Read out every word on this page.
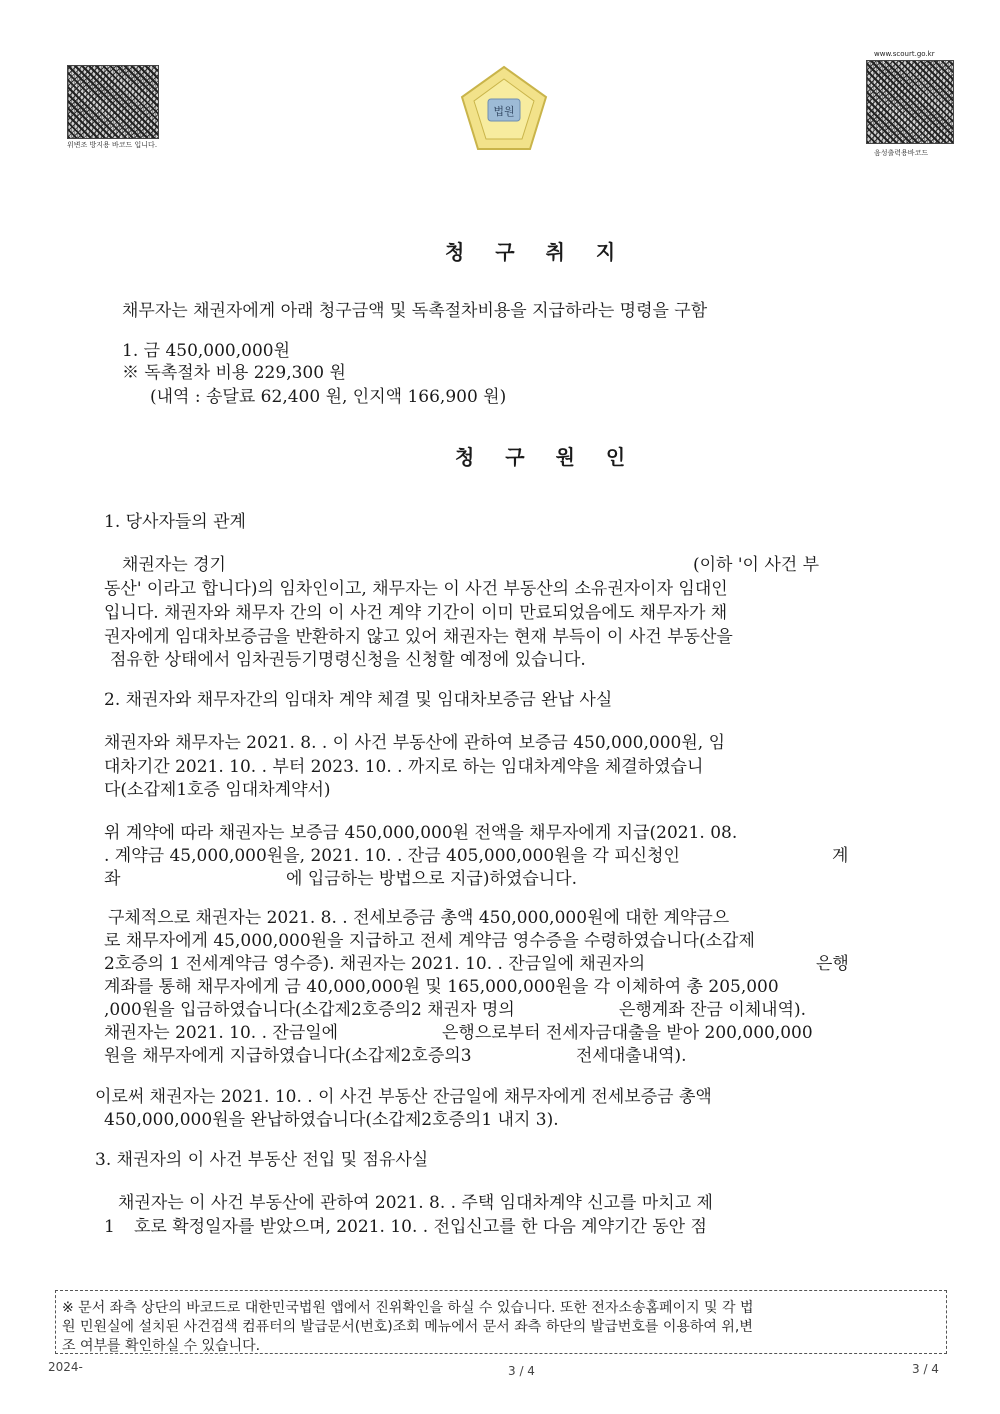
위변조 방지용 바코드 입니다.
법원
www.scourt.go.kr
음성출력용바코드
청 구 취 지
채무자는 채권자에게 아래 청구금액 및 독촉절차비용을 지급하라는 명령을 구함
1. 금 450,000,000원
※ 독촉절차 비용 229,300 원
(내역 : 송달료 62,400 원, 인지액 166,900 원)
청 구 원 인
1. 당사자들의 관계
채권자는 경기	(이하 '이 사건 부
동산' 이라고 합니다)의 임차인이고, 채무자는 이 사건 부동산의 소유권자이자 임대인
입니다. 채권자와 채무자 간의 이 사건 계약 기간이 이미 만료되었음에도 채무자가 채
권자에게 임대차보증금을 반환하지 않고 있어 채권자는 현재 부득이 이 사건 부동산을
점유한 상태에서 임차권등기명령신청을 신청할 예정에 있습니다.
2. 채권자와 채무자간의 임대차 계약 체결 및 임대차보증금 완납 사실
채권자와 채무자는 2021. 8. . 이 사건 부동산에 관하여 보증금 450,000,000원, 임
대차기간 2021. 10. . 부터 2023. 10. . 까지로 하는 임대차계약을 체결하였습니
다(소갑제1호증 임대차계약서)
위 계약에 따라 채권자는 보증금 450,000,000원 전액을 채무자에게 지급(2021. 08.
. 계약금 45,000,000원을, 2021. 10. . 잔금 405,000,000원을 각 피신청인	계
좌	에 입금하는 방법으로 지급)하였습니다.
구체적으로 채권자는 2021. 8. . 전세보증금 총액 450,000,000원에 대한 계약금으
로 채무자에게 45,000,000원을 지급하고 전세 계약금 영수증을 수령하였습니다(소갑제
2호증의 1 전세계약금 영수증). 채권자는 2021. 10. . 잔금일에 채권자의	은행
계좌를 통해 채무자에게 금 40,000,000원 및 165,000,000원을 각 이체하여 총 205,000
,000원을 입금하였습니다(소갑제2호증의2 채권자 명의	은행계좌 잔금 이체내역).
채권자는 2021. 10. . 잔금일에	은행으로부터 전세자금대출을 받아 200,000,000
원을 채무자에게 지급하였습니다(소갑제2호증의3	전세대출내역).
이로써 채권자는 2021. 10. . 이 사건 부동산 잔금일에 채무자에게 전세보증금 총액
450,000,000원을 완납하였습니다(소갑제2호증의1 내지 3).
3. 채권자의 이 사건 부동산 전입 및 점유사실
채권자는 이 사건 부동산에 관하여 2021. 8. . 주택 임대차계약 신고를 마치고 제
1 호로 확정일자를 받았으며, 2021. 10. . 전입신고를 한 다음 계약기간 동안 점
※ 문서 좌측 상단의 바코드로 대한민국법원 앱에서 진위확인을 하실 수 있습니다. 또한 전자소송홈페이지 및 각 법
원 민원실에 설치된 사건검색 컴퓨터의 발급문서(번호)조회 메뉴에서 문서 좌측 하단의 발급번호를 이용하여 위,변
조 여부를 확인하실 수 있습니다.
2024-	3 / 4	3 / 4
